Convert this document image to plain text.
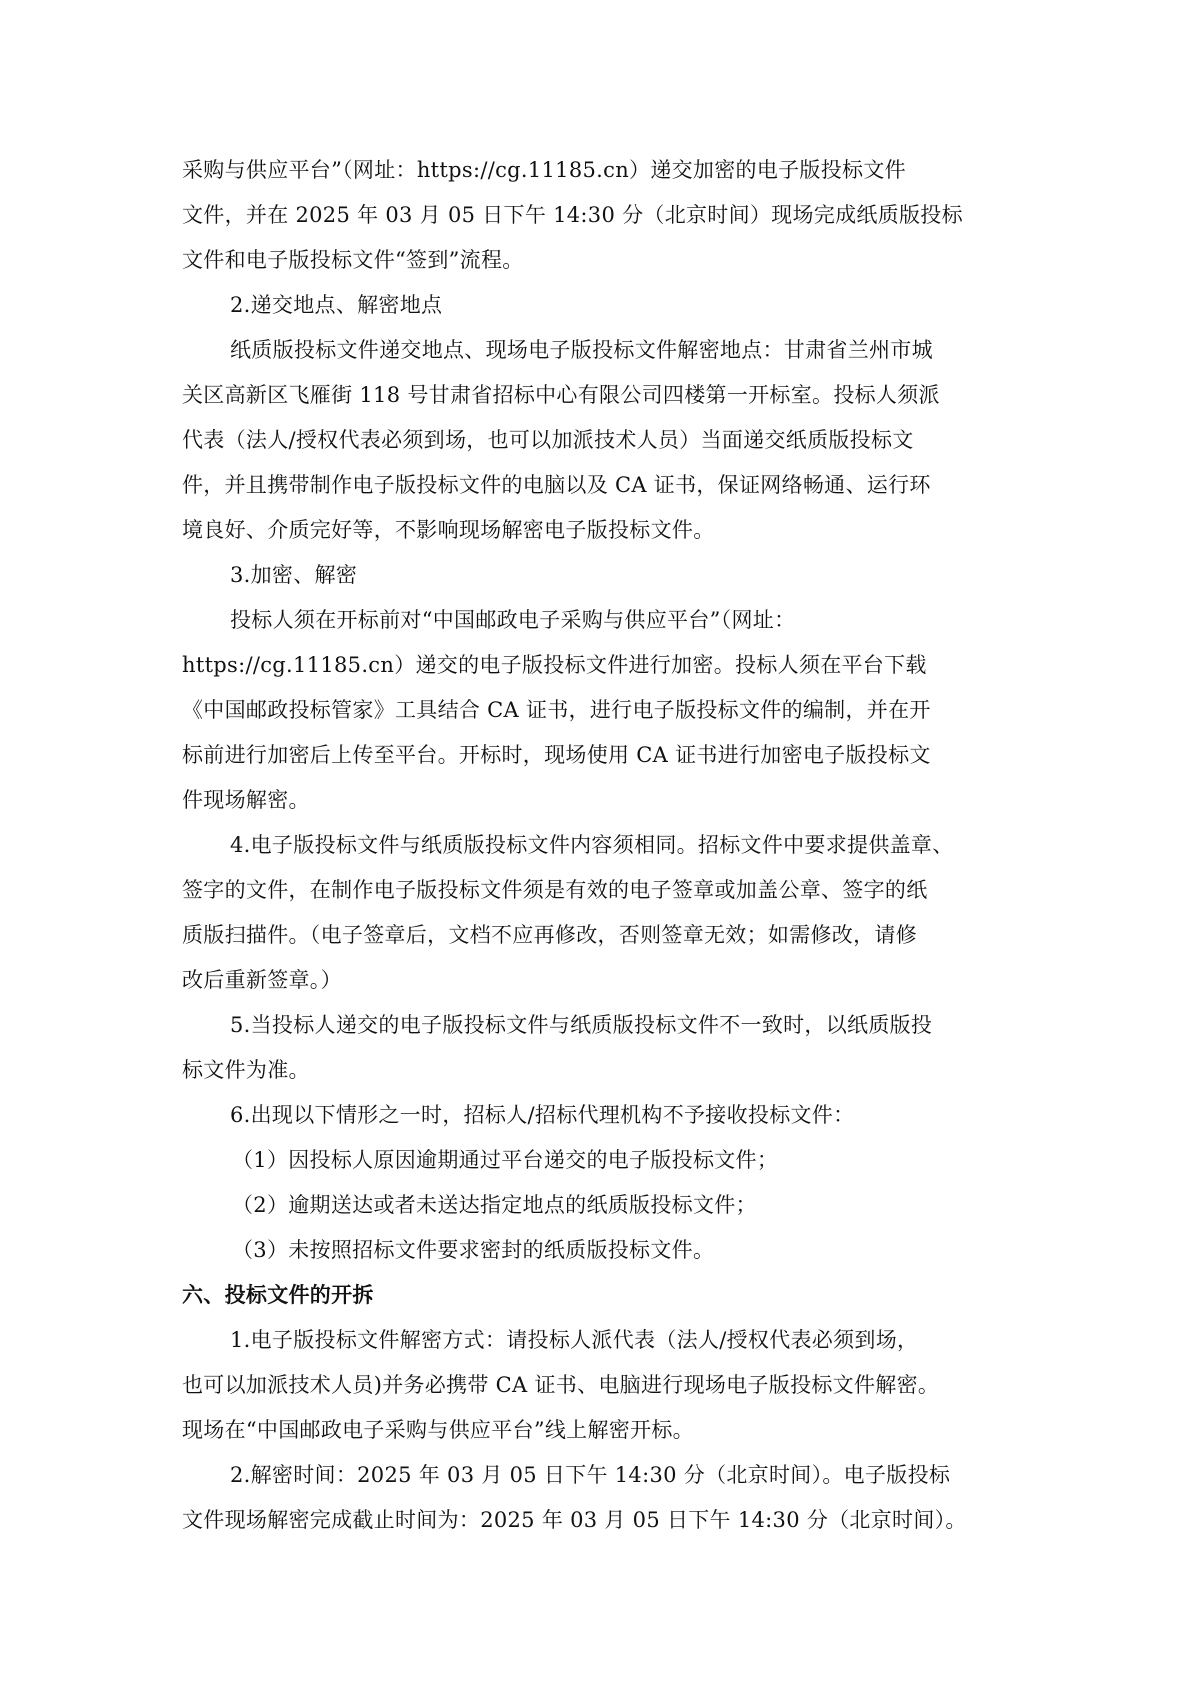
采购与供应平台”（网址：https://cg.11185.cn）递交加密的电子版投标文件

文件，并在 2025 年 03 月 05 日下午 14:30 分（北京时间）现场完成纸质版投标

文件和电子版投标文件“签到”流程。

2.递交地点、解密地点

纸质版投标文件递交地点、现场电子版投标文件解密地点：甘肃省兰州市城

关区高新区飞雁街 118 号甘肃省招标中心有限公司四楼第一开标室。投标人须派

代表（法人/授权代表必须到场，也可以加派技术人员）当面递交纸质版投标文

件，并且携带制作电子版投标文件的电脑以及 CA 证书，保证网络畅通、运行环

境良好、介质完好等，不影响现场解密电子版投标文件。

3.加密、解密

投标人须在开标前对“中国邮政电子采购与供应平台”（网址：

https://cg.11185.cn）递交的电子版投标文件进行加密。投标人须在平台下载

《中国邮政投标管家》工具结合 CA 证书，进行电子版投标文件的编制，并在开

标前进行加密后上传至平台。开标时，现场使用 CA 证书进行加密电子版投标文

件现场解密。

4.电子版投标文件与纸质版投标文件内容须相同。招标文件中要求提供盖章、

签字的文件，在制作电子版投标文件须是有效的电子签章或加盖公章、签字的纸

质版扫描件。（电子签章后，文档不应再修改，否则签章无效；如需修改，请修

改后重新签章。）

5.当投标人递交的电子版投标文件与纸质版投标文件不一致时，以纸质版投

标文件为准。

6.出现以下情形之一时，招标人/招标代理机构不予接收投标文件：

（1）因投标人原因逾期通过平台递交的电子版投标文件；

（2）逾期送达或者未送达指定地点的纸质版投标文件；

（3）未按照招标文件要求密封的纸质版投标文件。

六、投标文件的开拆

1.电子版投标文件解密方式：请投标人派代表（法人/授权代表必须到场，

也可以加派技术人员)并务必携带 CA 证书、电脑进行现场电子版投标文件解密。

现场在“中国邮政电子采购与供应平台”线上解密开标。

2.解密时间：2025 年 03 月 05 日下午 14:30 分（北京时间）。电子版投标

文件现场解密完成截止时间为：2025 年 03 月 05 日下午 14:30 分（北京时间）。
